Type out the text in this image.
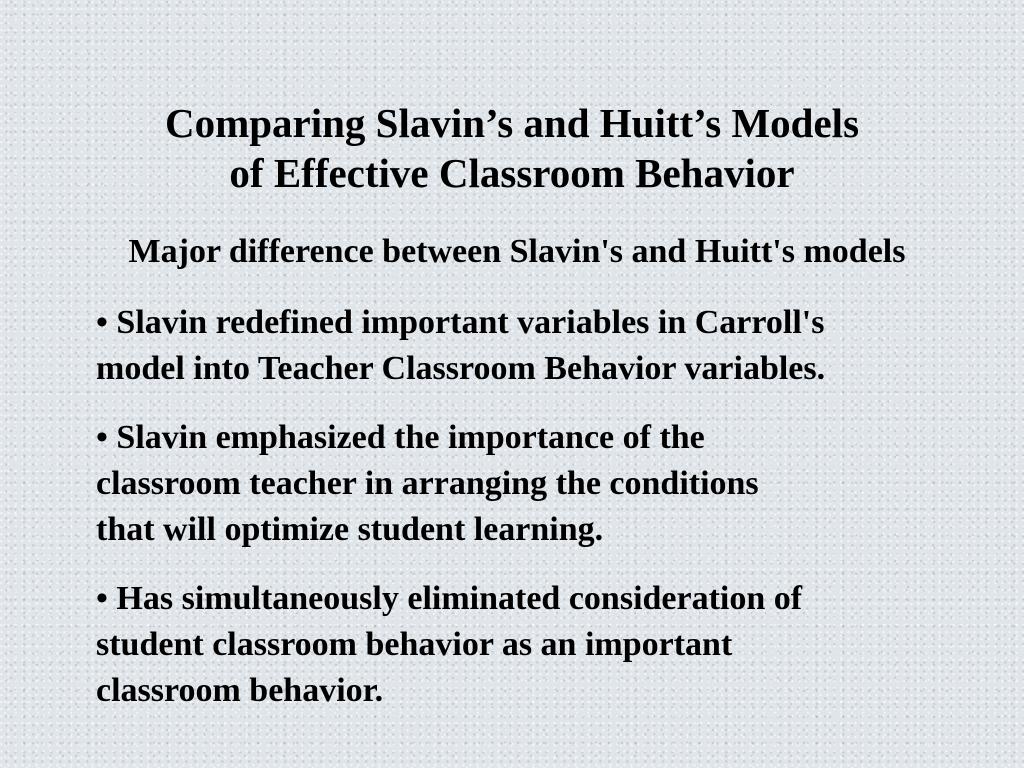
Comparing Slavin’s and Huitt’s Models
of Effective Classroom Behavior

Major difference between Slavin's and Huitt's models

• Slavin redefined important variables in Carroll's
model into Teacher Classroom Behavior variables.
• Slavin emphasized the importance of the
classroom teacher in arranging the conditions
that will optimize student learning.
• Has simultaneously eliminated consideration of
student classroom behavior as an important
classroom behavior.
